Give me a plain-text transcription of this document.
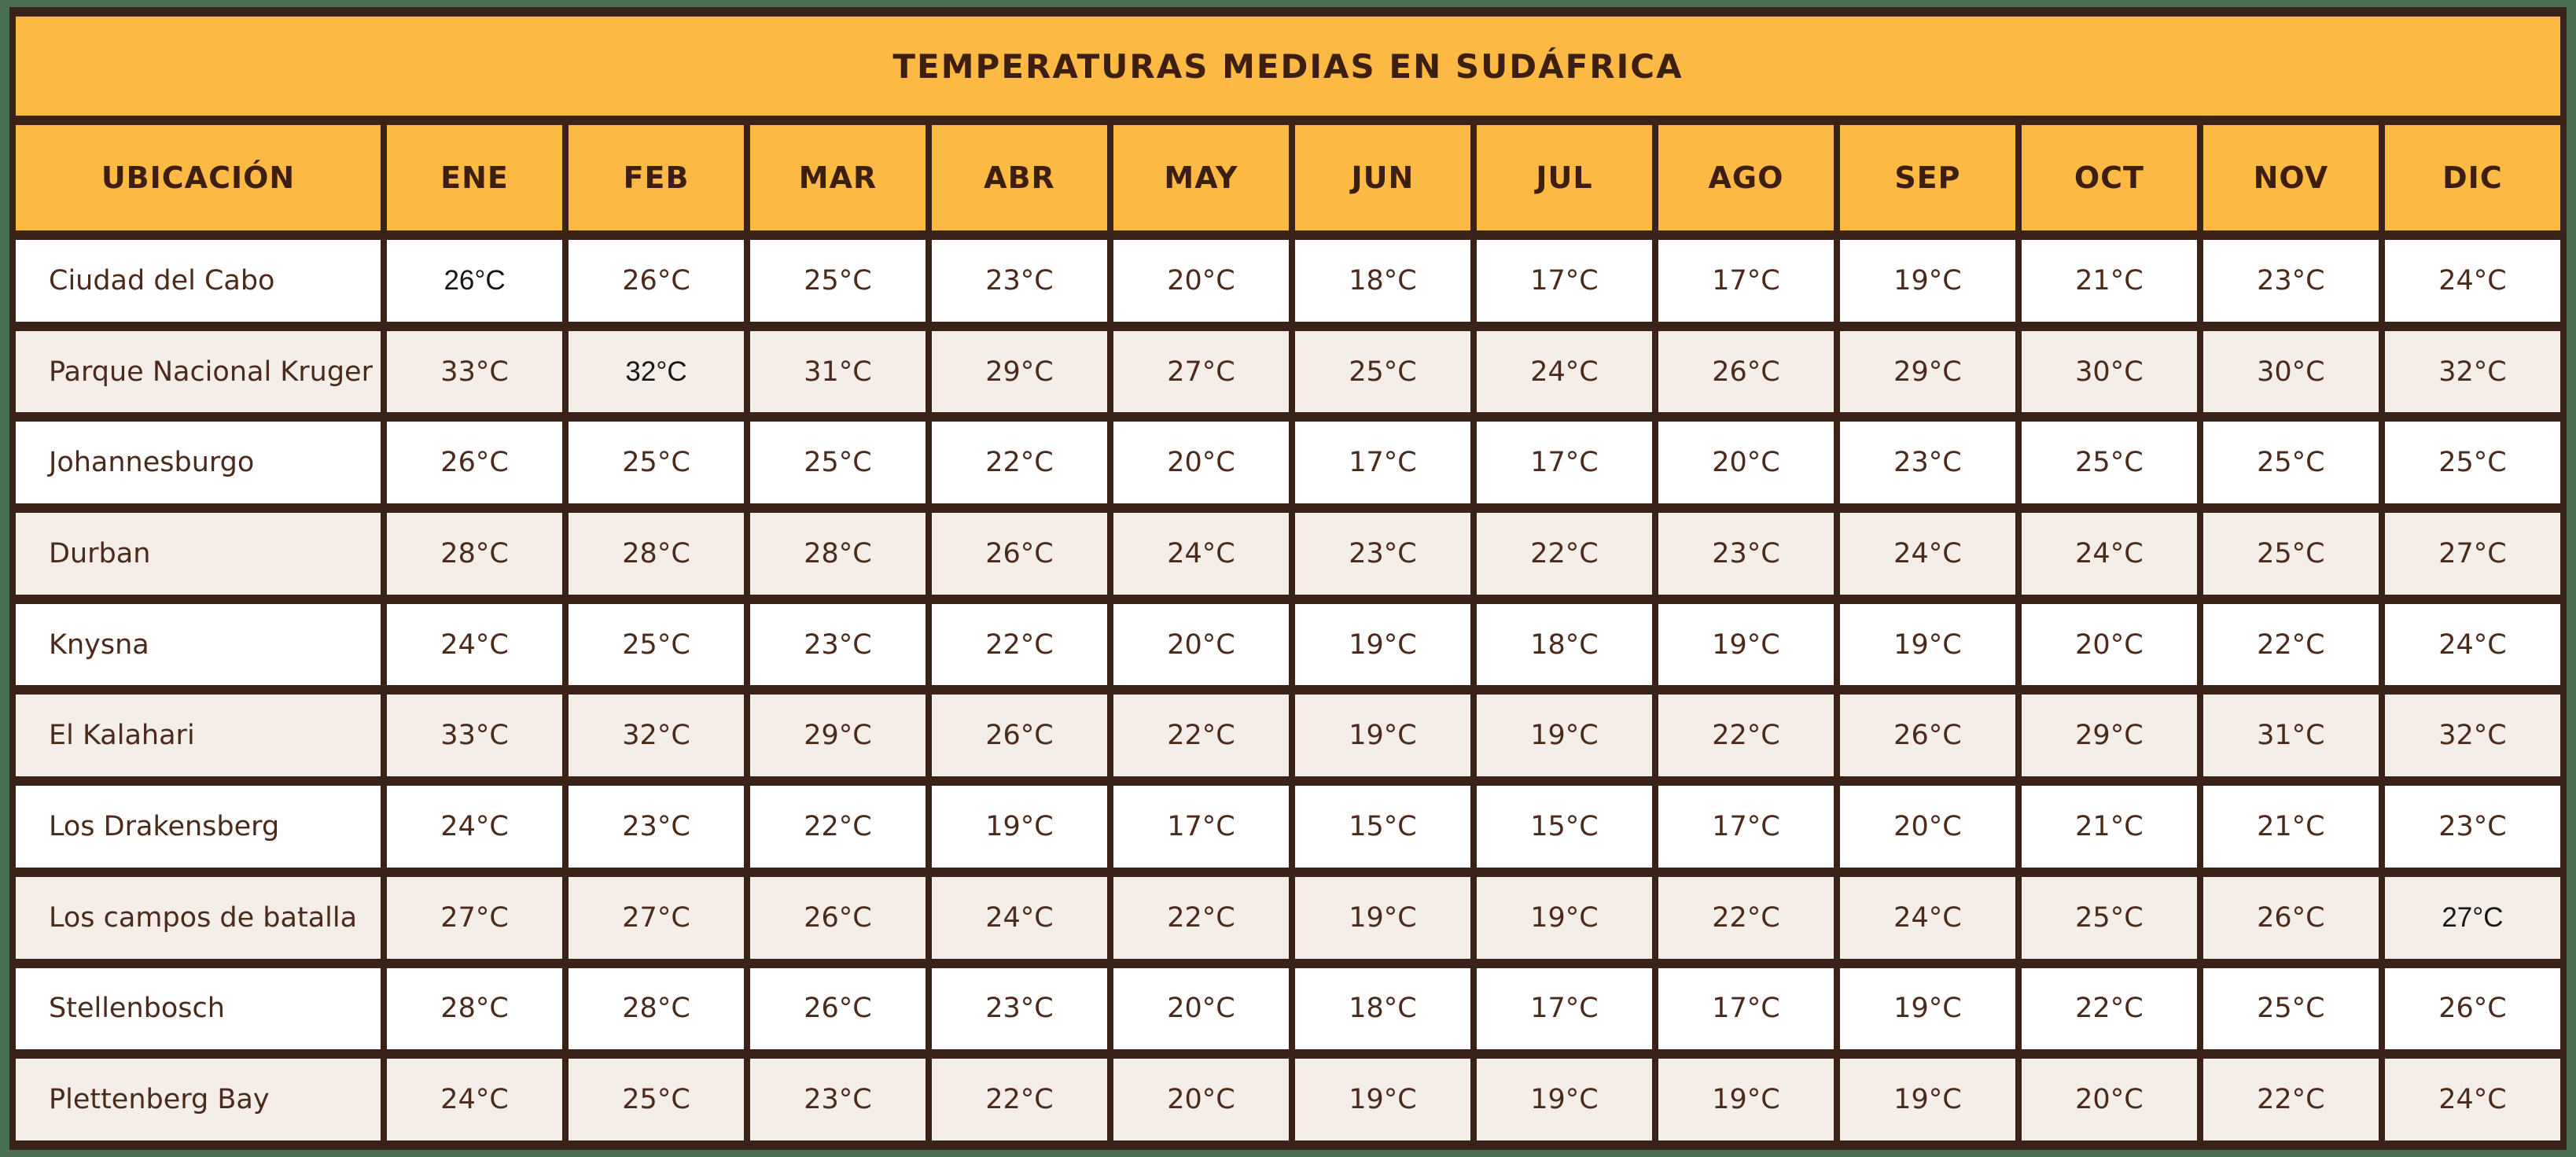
TEMPERATURAS MEDIAS EN SUDÁFRICA												
UBICACIÓN	ENE	FEB	MAR	ABR	MAY	JUN	JUL	AGO	SEP	OCT	NOV	DIC
Ciudad del Cabo	26°C	26°C	25°C	23°C	20°C	18°C	17°C	17°C	19°C	21°C	23°C	24°C
Parque Nacional Kruger	33°C	32°C	31°C	29°C	27°C	25°C	24°C	26°C	29°C	30°C	30°C	32°C
Johannesburgo	26°C	25°C	25°C	22°C	20°C	17°C	17°C	20°C	23°C	25°C	25°C	25°C
Durban	28°C	28°C	28°C	26°C	24°C	23°C	22°C	23°C	24°C	24°C	25°C	27°C
Knysna	24°C	25°C	23°C	22°C	20°C	19°C	18°C	19°C	19°C	20°C	22°C	24°C
El Kalahari	33°C	32°C	29°C	26°C	22°C	19°C	19°C	22°C	26°C	29°C	31°C	32°C
Los Drakensberg	24°C	23°C	22°C	19°C	17°C	15°C	15°C	17°C	20°C	21°C	21°C	23°C
Los campos de batalla	27°C	27°C	26°C	24°C	22°C	19°C	19°C	22°C	24°C	25°C	26°C	27°C
Stellenbosch	28°C	28°C	26°C	23°C	20°C	18°C	17°C	17°C	19°C	22°C	25°C	26°C
Plettenberg Bay	24°C	25°C	23°C	22°C	20°C	19°C	19°C	19°C	19°C	20°C	22°C	24°C
